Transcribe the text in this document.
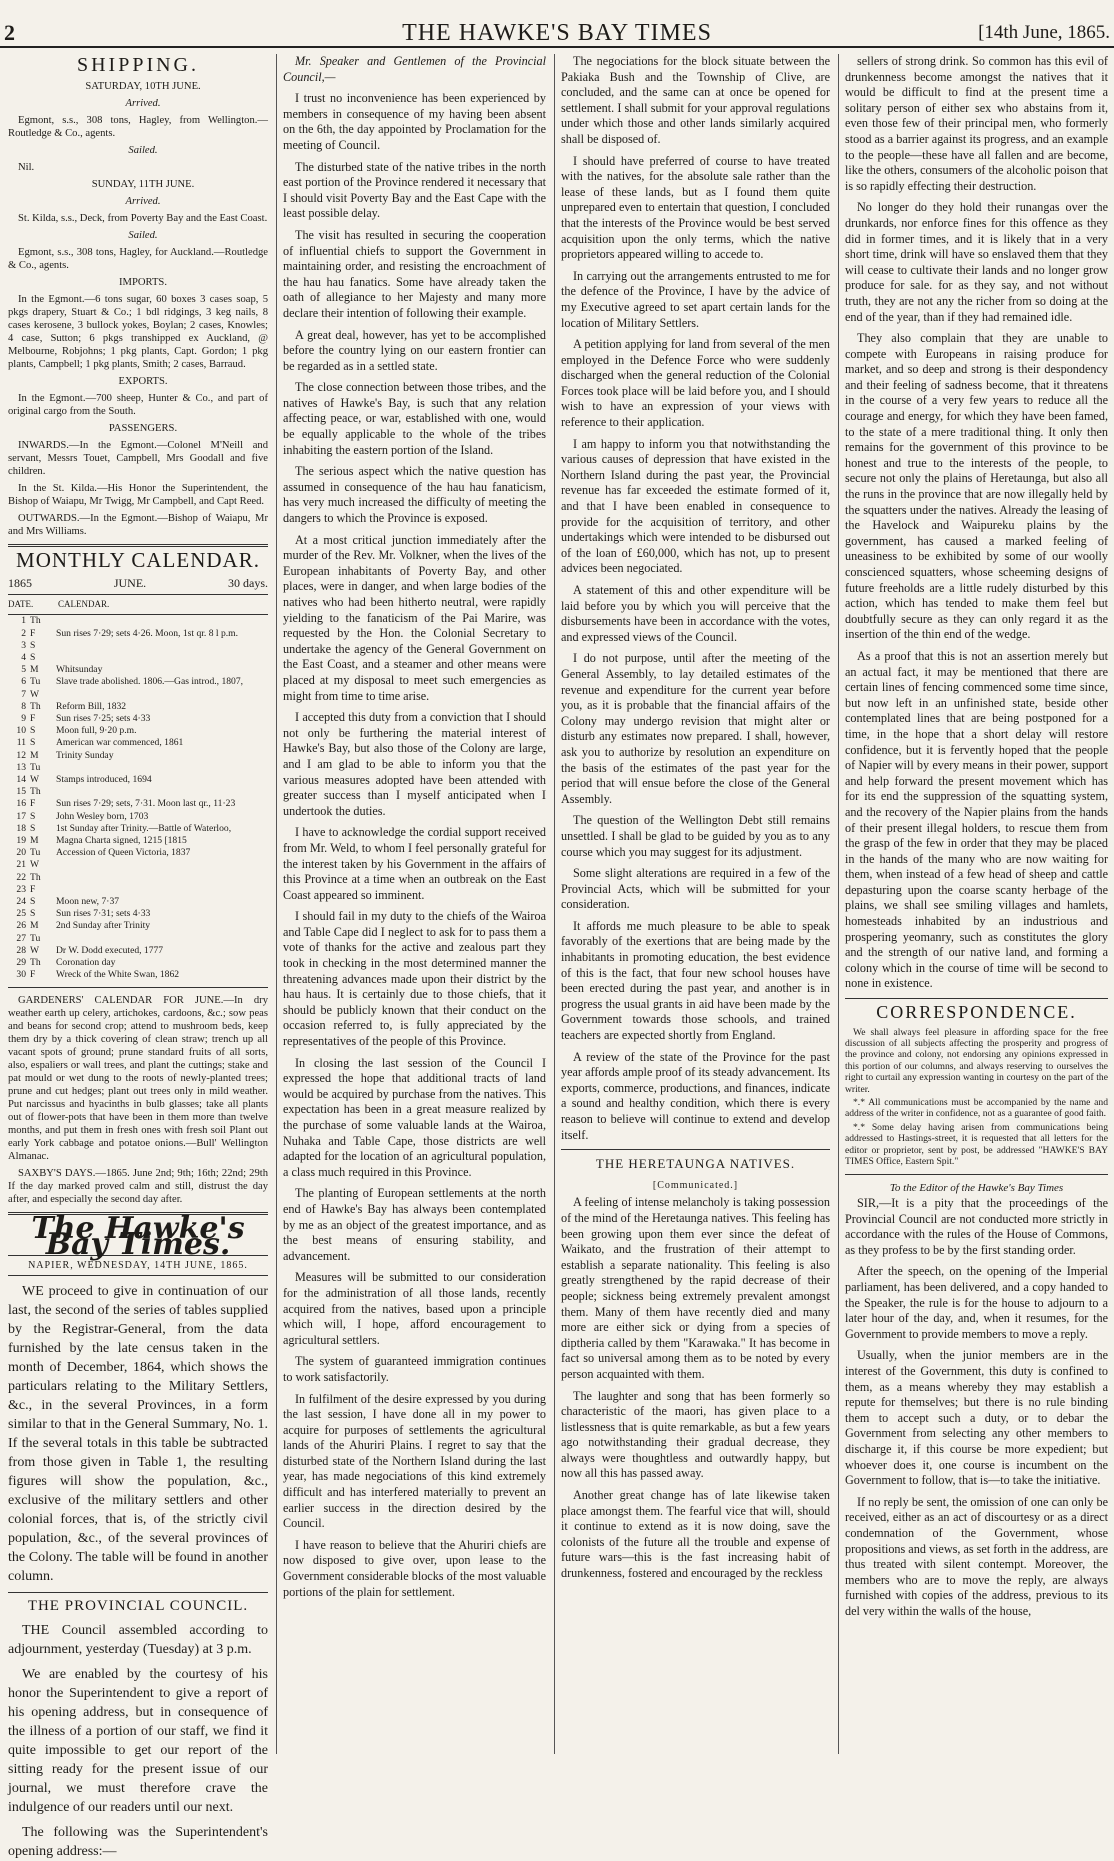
2	THE HAWKE'S BAY TIMES	[14th June, 1865.
SHIPPING.

SATURDAY, 10TH JUNE.

Arrived.

Egmont, s.s., 308 tons, Hagley, from Wellington.—Routledge & Co., agents.

Sailed.

Nil.

SUNDAY, 11TH JUNE.

Arrived.

St. Kilda, s.s., Deck, from Poverty Bay and the East Coast.

Sailed.

Egmont, s.s., 308 tons, Hagley, for Auckland.—Routledge & Co., agents.

IMPORTS.

In the Egmont.—6 tons sugar, 60 boxes 3 cases soap, 5 pkgs drapery, Stuart & Co.; 1 bdl ridgings, 3 keg nails, 8 cases kerosene, 3 bullock yokes, Boylan; 2 cases, Knowles; 4 case, Sutton; 6 pkgs transhipped ex Auckland, @ Melbourne, Robjohns; 1 pkg plants, Capt. Gordon; 1 pkg plants, Campbell; 1 pkg plants, Smith; 2 cases, Barraud.

EXPORTS.

In the Egmont.—700 sheep, Hunter & Co., and part of original cargo from the South.

PASSENGERS.

INWARDS.—In the Egmont.—Colonel M'Neill and servant, Messrs Touet, Campbell, Mrs Goodall and five children.

In the St. Kilda.—His Honor the Superintendent, the Bishop of Waiapu, Mr Twigg, Mr Campbell, and Capt Reed.

OUTWARDS.—In the Egmont.—Bishop of Waiapu, Mr and Mrs Williams.

MONTHLY CALENDAR.
1865	JUNE.	30 days.
DATE.	CALENDAR.
1 Th
2 F	Sun rises 7·29; sets 4·26. Moon, 1st qr. 8 l p.m.
3 S
4 S
5 M	Whitsunday
6 Tu	Slave trade abolished. 1806.—Gas introd., 1807,
7 W
8 Th	Reform Bill, 1832
9 F	Sun rises 7·25; sets 4·33
10 S	Moon full, 9·20 p.m.
11 S	American war commenced, 1861
12 M	Trinity Sunday
13 Tu
14 W	Stamps introduced, 1694
15 Th
16 F	Sun rises 7·29; sets, 7·31. Moon last qr., 11·23
17 S	John Wesley born, 1703
18 S	1st Sunday after Trinity.—Battle of Waterloo,
19 M	Magna Charta signed, 1215 [1815
20 Tu	Accession of Queen Victoria, 1837
21 W
22 Th
23 F
24 S	Moon new, 7·37
25 S	Sun rises 7·31; sets 4·33
26 M	2nd Sunday after Trinity
27 Tu
28 W	Dr W. Dodd executed, 1777
29 Th	Coronation day
30 F	Wreck of the White Swan, 1862

GARDENERS' CALENDAR FOR JUNE.—In dry weather earth up celery, artichokes, cardoons, &c.; sow peas and beans for second crop; attend to mushroom beds, keep them dry by a thick covering of clean straw; trench up all vacant spots of ground; prune standard fruits of all sorts, also, espaliers or wall trees, and plant the cuttings; stake and pat mould or wet dung to the roots of newly-planted trees; prune and cut hedges; plant out trees only in mild weather. Put narcissus and hyacinths in bulb glasses; take all plants out of flower-pots that have been in them more than twelve months, and put them in fresh ones with fresh soil Plant out early York cabbage and potatoe onions.—Bull' Wellington Almanac.

SAXBY'S DAYS.—1865. June 2nd; 9th; 16th; 22nd; 29th If the day marked proved calm and still, distrust the day after, and especially the second day after.

The Hawke's Bay Times.
NAPIER, WEDNESDAY, 14TH JUNE, 1865.

WE proceed to give in continuation of our last, the second of the series of tables supplied by the Registrar-General, from the data furnished by the late census taken in the month of December, 1864, which shows the particulars relating to the Military Settlers, &c., in the several Provinces, in a form similar to that in the General Summary, No. 1. If the several totals in this table be subtracted from those given in Table 1, the resulting figures will show the population, &c., exclusive of the military settlers and other colonial forces, that is, of the strictly civil population, &c., of the several provinces of the Colony. The table will be found in another column.

THE PROVINCIAL COUNCIL.

THE Council assembled according to adjournment, yesterday (Tuesday) at 3 p.m.

We are enabled by the courtesy of his honor the Superintendent to give a report of his opening address, but in consequence of the illness of a portion of our staff, we find it quite impossible to get our report of the sitting ready for the present issue of our journal, we must therefore crave the indulgence of our readers until our next.

The following was the Superintendent's opening address:—

Mr. Speaker and Gentlemen of the Provincial Council,—

I trust no inconvenience has been experienced by members in consequence of my having been absent on the 6th, the day appointed by Proclamation for the meeting of Council.

The disturbed state of the native tribes in the north east portion of the Province rendered it necessary that I should visit Poverty Bay and the East Cape with the least possible delay.

The visit has resulted in securing the cooperation of influential chiefs to support the Government in maintaining order, and resisting the encroachment of the hau hau fanatics. Some have already taken the oath of allegiance to her Majesty and many more declare their intention of following their example.

A great deal, however, has yet to be accomplished before the country lying on our eastern frontier can be regarded as in a settled state.

The close connection between those tribes, and the natives of Hawke's Bay, is such that any relation affecting peace, or war, established with one, would be equally applicable to the whole of the tribes inhabiting the eastern portion of the Island.

The serious aspect which the native question has assumed in consequence of the hau hau fanaticism, has very much increased the difficulty of meeting the dangers to which the Province is exposed.

At a most critical junction immediately after the murder of the Rev. Mr. Volkner, when the lives of the European inhabitants of Poverty Bay, and other places, were in danger, and when large bodies of the natives who had been hitherto neutral, were rapidly yielding to the fanaticism of the Pai Marire, was requested by the Hon. the Colonial Secretary to undertake the agency of the General Government on the East Coast, and a steamer and other means were placed at my disposal to meet such emergencies as might from time to time arise.

I accepted this duty from a conviction that I should not only be furthering the material interest of Hawke's Bay, but also those of the Colony are large, and I am glad to be able to inform you that the various measures adopted have been attended with greater success than I myself anticipated when I undertook the duties.

I have to acknowledge the cordial support received from Mr. Weld, to whom I feel personally grateful for the interest taken by his Government in the affairs of this Province at a time when an outbreak on the East Coast appeared so imminent.

I should fail in my duty to the chiefs of the Wairoa and Table Cape did I neglect to ask for to pass them a vote of thanks for the active and zealous part they took in checking in the most determined manner the threatening advances made upon their district by the hau haus. It is certainly due to those chiefs, that it should be publicly known that their conduct on the occasion referred to, is fully appreciated by the representatives of the people of this Province.

In closing the last session of the Council I expressed the hope that additional tracts of land would be acquired by purchase from the natives. This expectation has been in a great measure realized by the purchase of some valuable lands at the Wairoa, Nuhaka and Table Cape, those districts are well adapted for the location of an agricultural population, a class much required in this Province.

The planting of European settlements at the north end of Hawke's Bay has always been contemplated by me as an object of the greatest importance, and as the best means of ensuring stability, and advancement.

Measures will be submitted to our consideration for the administration of all those lands, recently acquired from the natives, based upon a principle which will, I hope, afford encouragement to agricultural settlers.

The system of guaranteed immigration continues to work satisfactorily.

In fulfilment of the desire expressed by you during the last session, I have done all in my power to acquire for purposes of settlements the agricultural lands of the Ahuriri Plains. I regret to say that the disturbed state of the Northern Island during the last year, has made negociations of this kind extremely difficult and has interfered materially to prevent an earlier success in the direction desired by the Council.

I have reason to believe that the Ahuriri chiefs are now disposed to give over, upon lease to the Government considerable blocks of the most valuable portions of the plain for settlement.

The negociations for the block situate between the Pakiaka Bush and the Township of Clive, are concluded, and the same can at once be opened for settlement. I shall submit for your approval regulations under which those and other lands similarly acquired shall be disposed of.

I should have preferred of course to have treated with the natives, for the absolute sale rather than the lease of these lands, but as I found them quite unprepared even to entertain that question, I concluded that the interests of the Province would be best served acquisition upon the only terms, which the native proprietors appeared willing to accede to.

In carrying out the arrangements entrusted to me for the defence of the Province, I have by the advice of my Executive agreed to set apart certain lands for the location of Military Settlers.

A petition applying for land from several of the men employed in the Defence Force who were suddenly discharged when the general reduction of the Colonial Forces took place will be laid before you, and I should wish to have an expression of your views with reference to their application.

I am happy to inform you that notwithstanding the various causes of depression that have existed in the Northern Island during the past year, the Provincial revenue has far exceeded the estimate formed of it, and that I have been enabled in consequence to provide for the acquisition of territory, and other undertakings which were intended to be disbursed out of the loan of £60,000, which has not, up to present advices been negociated.

A statement of this and other expenditure will be laid before you by which you will perceive that the disbursements have been in accordance with the votes, and expressed views of the Council.

I do not purpose, until after the meeting of the General Assembly, to lay detailed estimates of the revenue and expenditure for the current year before you, as it is probable that the financial affairs of the Colony may undergo revision that might alter or disturb any estimates now prepared. I shall, however, ask you to authorize by resolution an expenditure on the basis of the estimates of the past year for the period that will ensue before the close of the General Assembly.

The question of the Wellington Debt still remains unsettled. I shall be glad to be guided by you as to any course which you may suggest for its adjustment.

Some slight alterations are required in a few of the Provincial Acts, which will be submitted for your consideration.

It affords me much pleasure to be able to speak favorably of the exertions that are being made by the inhabitants in promoting education, the best evidence of this is the fact, that four new school houses have been erected during the past year, and another is in progress the usual grants in aid have been made by the Government towards those schools, and trained teachers are expected shortly from England.

A review of the state of the Province for the past year affords ample proof of its steady advancement. Its exports, commerce, productions, and finances, indicate a sound and healthy condition, which there is every reason to believe will continue to extend and develop itself.

THE HERETAUNGA NATIVES.
[Communicated.]

A feeling of intense melancholy is taking possession of the mind of the Heretaunga natives. This feeling has been growing upon them ever since the defeat of Waikato, and the frustration of their attempt to establish a separate nationality. This feeling is also greatly strengthened by the rapid decrease of their people; sickness being extremely prevalent amongst them. Many of them have recently died and many more are either sick or dying from a species of diptheria called by them "Karawaka." It has become in fact so universal among them as to be noted by every person acquainted with them.

The laughter and song that has been formerly so characteristic of the maori, has given place to a listlessness that is quite remarkable, as but a few years ago notwithstanding their gradual decrease, they always were thoughtless and outwardly happy, but now all this has passed away.

Another great change has of late likewise taken place amongst them. The fearful vice that will, should it continue to extend as it is now doing, save the colonists of the future all the trouble and expense of future wars—this is the fast increasing habit of drunkenness, fostered and encouraged by the reckless

sellers of strong drink. So common has this evil of drunkenness become amongst the natives that it would be difficult to find at the present time a solitary person of either sex who abstains from it, even those few of their principal men, who formerly stood as a barrier against its progress, and an example to the people—these have all fallen and are become, like the others, consumers of the alcoholic poison that is so rapidly effecting their destruction.

No longer do they hold their runangas over the drunkards, nor enforce fines for this offence as they did in former times, and it is likely that in a very short time, drink will have so enslaved them that they will cease to cultivate their lands and no longer grow produce for sale. for as they say, and not without truth, they are not any the richer from so doing at the end of the year, than if they had remained idle.

They also complain that they are unable to compete with Europeans in raising produce for market, and so deep and strong is their despondency and their feeling of sadness become, that it threatens in the course of a very few years to reduce all the courage and energy, for which they have been famed, to the state of a mere traditional thing. It only then remains for the government of this province to be honest and true to the interests of the people, to secure not only the plains of Heretaunga, but also all the runs in the province that are now illegally held by the squatters under the natives. Already the leasing of the Havelock and Waipureku plains by the government, has caused a marked feeling of uneasiness to be exhibited by some of our woolly conscienced squatters, whose scheeming designs of future freeholds are a little rudely disturbed by this action, which has tended to make them feel but doubtfully secure as they can only regard it as the insertion of the thin end of the wedge.

As a proof that this is not an assertion merely but an actual fact, it may be mentioned that there are certain lines of fencing commenced some time since, but now left in an unfinished state, beside other contemplated lines that are being postponed for a time, in the hope that a short delay will restore confidence, but it is fervently hoped that the people of Napier will by every means in their power, support and help forward the present movement which has for its end the suppression of the squatting system, and the recovery of the Napier plains from the hands of their present illegal holders, to rescue them from the grasp of the few in order that they may be placed in the hands of the many who are now waiting for them, when instead of a few head of sheep and cattle depasturing upon the coarse scanty herbage of the plains, we shall see smiling villages and hamlets, homesteads inhabited by an industrious and prospering yeomanry, such as constitutes the glory and the strength of our native land, and forming a colony which in the course of time will be second to none in existence.

CORRESPONDENCE.

We shall always feel pleasure in affording space for the free discussion of all subjects affecting the prosperity and progress of the province and colony, not endorsing any opinions expressed in this portion of our columns, and always reserving to ourselves the right to curtail any expression wanting in courtesy on the part of the writer.

*.* All communications must be accompanied by the name and address of the writer in confidence, not as a guarantee of good faith.

*.* Some delay having arisen from communications being addressed to Hastings-street, it is requested that all letters for the editor or proprietor, sent by post, be addressed "HAWKE'S BAY TIMES Office, Eastern Spit."

To the Editor of the Hawke's Bay Times

SIR,—It is a pity that the proceedings of the Provincial Council are not conducted more strictly in accordance with the rules of the House of Commons, as they profess to be by the first standing order.

After the speech, on the opening of the Imperial parliament, has been delivered, and a copy handed to the Speaker, the rule is for the house to adjourn to a later hour of the day, and, when it resumes, for the Government to provide members to move a reply.

Usually, when the junior members are in the interest of the Government, this duty is confined to them, as a means whereby they may establish a repute for themselves; but there is no rule binding them to accept such a duty, or to debar the Government from selecting any other members to discharge it, if this course be more expedient; but whoever does it, one course is incumbent on the Government to follow, that is—to take the initiative.

If no reply be sent, the omission of one can only be received, either as an act of discourtesy or as a direct condemnation of the Government, whose propositions and views, as set forth in the address, are thus treated with silent contempt. Moreover, the members who are to move the reply, are always furnished with copies of the address, previous to its del very within the walls of the house,
